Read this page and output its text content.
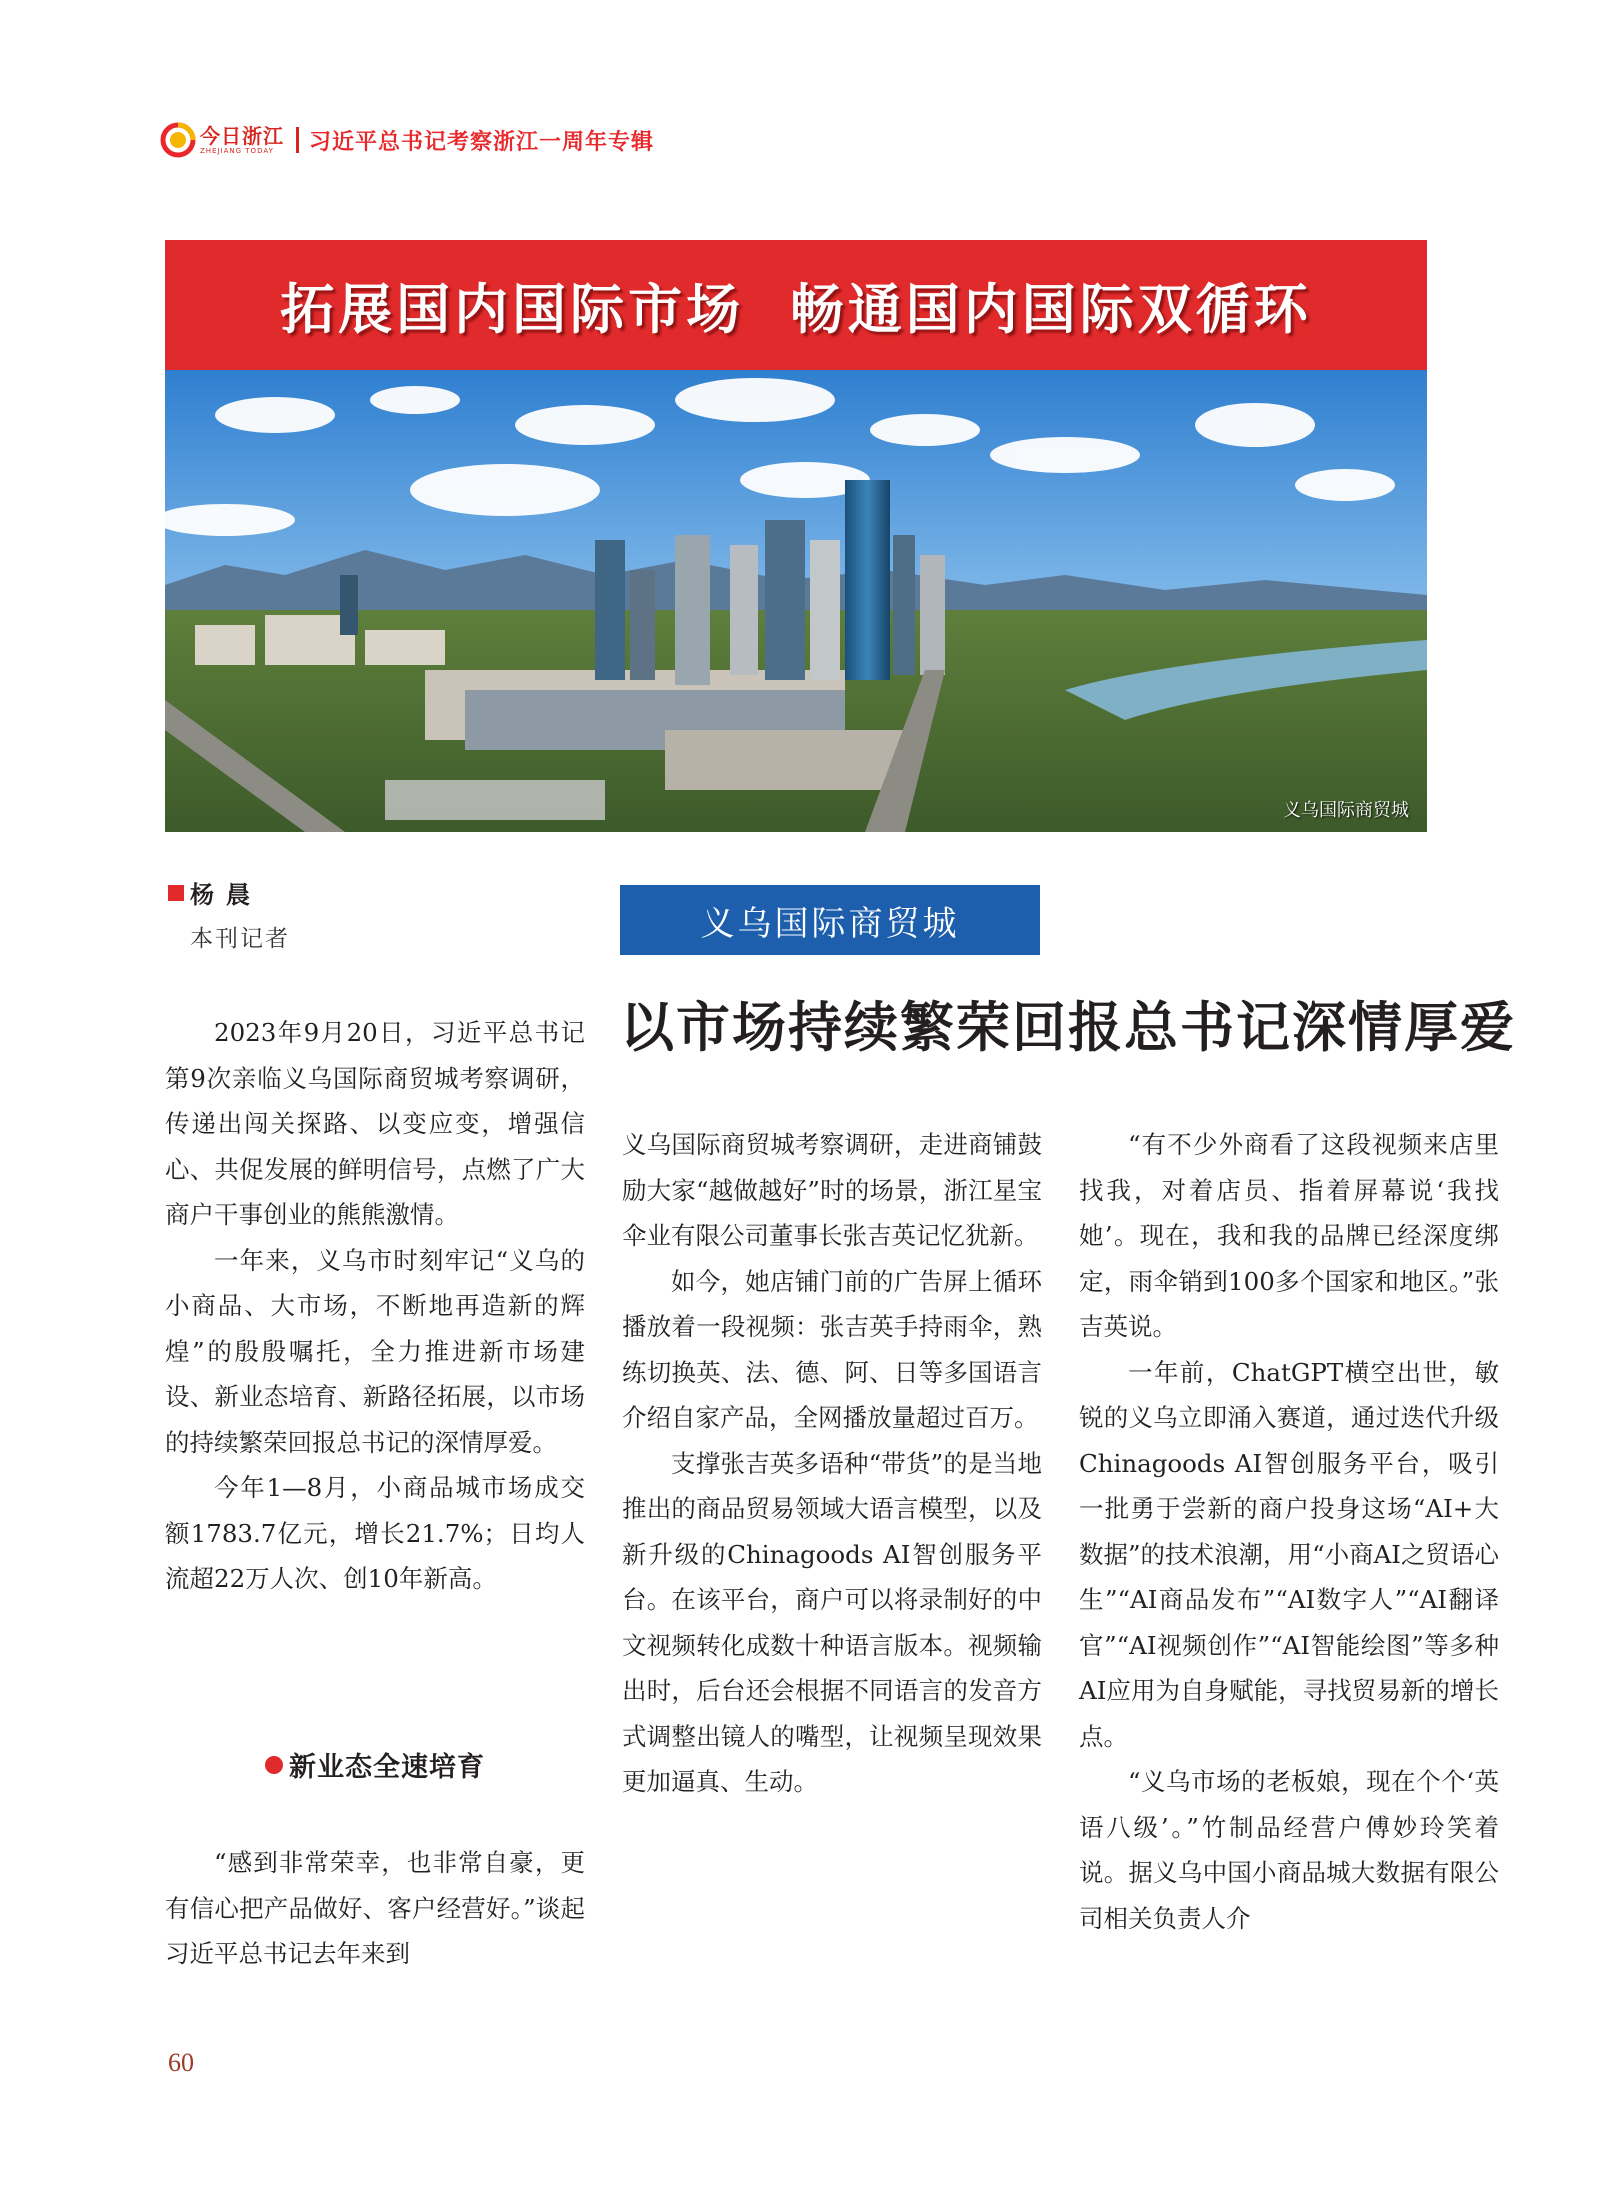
今日浙江
ZHEJIANG TODAY	习近平总书记考察浙江一周年专辑
拓展国内国际市场  畅通国内国际双循环
义乌国际商贸城
杨晨
本刊记者	义乌国际商贸城
以市场持续繁荣回报总书记深情厚爱

2023年9月20日，习近平总书记第9次亲临义乌国际商贸城考察调研，传递出闯关探路、以变应变，增强信心、共促发展的鲜明信号，点燃了广大商户干事创业的熊熊激情。

一年来，义乌市时刻牢记“义乌的小商品、大市场，不断地再造新的辉煌”的殷殷嘱托，全力推进新市场建设、新业态培育、新路径拓展，以市场的持续繁荣回报总书记的深情厚爱。

今年1—8月，小商品城市场成交额1783.7亿元，增长21.7%；日均人流超22万人次、创10年新高。

新业态全速培育

“感到非常荣幸，也非常自豪，更有信心把产品做好、客户经营好。”谈起习近平总书记去年来到

义乌国际商贸城考察调研，走进商铺鼓励大家“越做越好”时的场景，浙江星宝伞业有限公司董事长张吉英记忆犹新。

如今，她店铺门前的广告屏上循环播放着一段视频：张吉英手持雨伞，熟练切换英、法、德、阿、日等多国语言介绍自家产品，全网播放量超过百万。

支撑张吉英多语种“带货”的是当地推出的商品贸易领域大语言模型，以及新升级的Chinagoods AI智创服务平台。在该平台，商户可以将录制好的中文视频转化成数十种语言版本。视频输出时，后台还会根据不同语言的发音方式调整出镜人的嘴型，让视频呈现效果更加逼真、生动。

“有不少外商看了这段视频来店里找我，对着店员、指着屏幕说‘我找她’。现在，我和我的品牌已经深度绑定，雨伞销到100多个国家和地区。”张吉英说。

一年前，ChatGPT横空出世，敏锐的义乌立即涌入赛道，通过迭代升级Chinagoods AI智创服务平台，吸引一批勇于尝新的商户投身这场“AI+大数据”的技术浪潮，用“小商AI之贸语心生”“AI商品发布”“AI数字人”“AI翻译官”“AI视频创作”“AI智能绘图”等多种AI应用为自身赋能，寻找贸易新的增长点。

“义乌市场的老板娘，现在个个‘英语八级’。”竹制品经营户傅妙玲笑着说。据义乌中国小商品城大数据有限公司相关负责人介

60
